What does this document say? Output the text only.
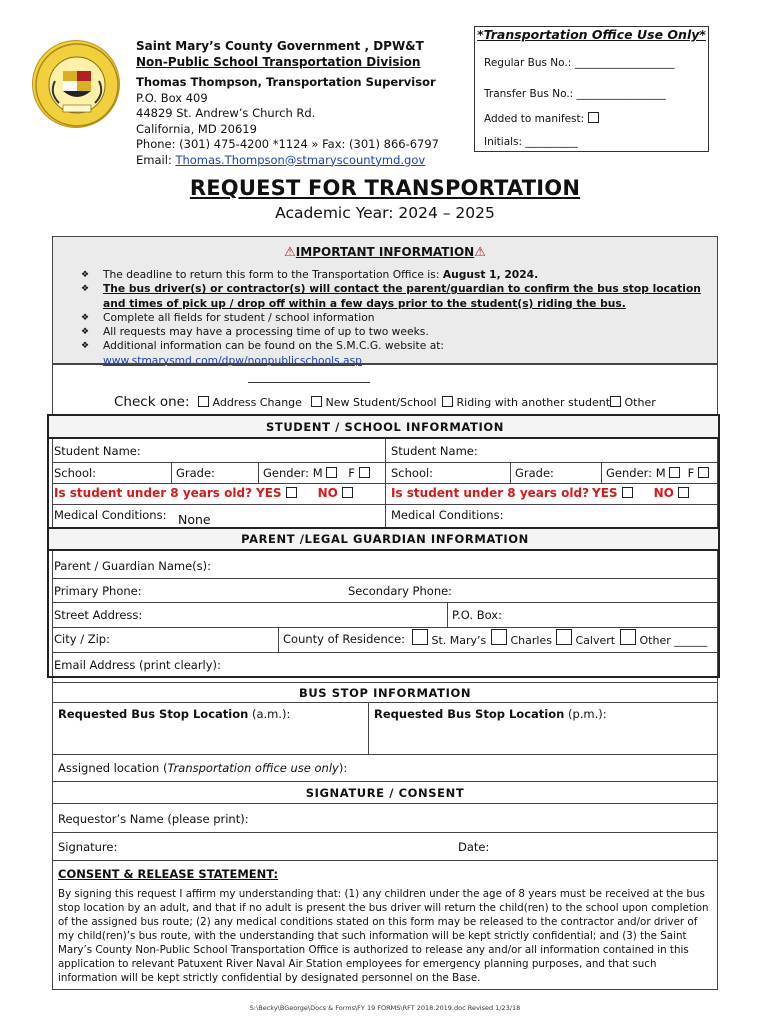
Saint Mary’s County Government , DPW&T
Non-Public School Transportation Division
Thomas Thompson, Transportation Supervisor
P.O. Box 409
44829 St. Andrew’s Church Rd.
California, MD 20619
Phone: (301) 475-4200 *1124 » Fax: (301) 866-6797
Email: Thomas.Thompson@stmaryscountymd.gov
*Transportation Office Use Only*
Regular Bus No.: ___________________
Transfer Bus No.: _________________
Added to manifest:
Initials: __________
REQUEST FOR TRANSPORTATION
Academic Year: 2024 – 2025
⚠IMPORTANT INFORMATION⚠
❖ The deadline to return this form to the Transportation Office is: August 1, 2024.
❖ The bus driver(s) or contractor(s) will contact the parent/guardian to confirm the bus stop location and times of pick up / drop off within a few days prior to the student(s) riding the bus.
❖ Complete all fields for student / school information
❖ All requests may have a processing time of up to two weeks.
❖ Additional information can be found on the S.M.C.G. website at: www.stmarysmd.com/dpw/nonpublicschools.asp
Check one:	Address Change	New Student/School	Riding with another student	Other
STUDENT / SCHOOL INFORMATION
Student Name:	Student Name:
School:	Grade:	Gender: M F	School:	Grade:	Gender: M F
Is student under 8 years old? YES	NO	Is student under 8 years old? YES	NO
Medical Conditions: None	Medical Conditions:
PARENT /LEGAL GUARDIAN INFORMATION
Parent / Guardian Name(s):
Primary Phone:	Secondary Phone:
Street Address:	P.O. Box:
City / Zip:	County of Residence:	St. Mary’s	Charles	Calvert	Other ______
Email Address (print clearly):
BUS STOP INFORMATION
Requested Bus Stop Location (a.m.):	Requested Bus Stop Location (p.m.):
Assigned location (Transportation office use only):
SIGNATURE / CONSENT
Requestor’s Name (please print):
Signature:	Date:
CONSENT & RELEASE STATEMENT:
By signing this request I affirm my understanding that: (1) any children under the age of 8 years must be received at the bus stop location by an adult, and that if no adult is present the bus driver will return the child(ren) to the school upon completion of the assigned bus route; (2) any medical conditions stated on this form may be released to the contractor and/or driver of my child(ren)’s bus route, with the understanding that such information will be kept strictly confidential; and (3) the Saint Mary’s County Non-Public School Transportation Office is authorized to release any and/or all information contained in this application to relevant Patuxent River Naval Air Station employees for emergency planning purposes, and that such information will be kept strictly confidential by designated personnel on the Base.
S:\Becky\BGeorge\Docs & Forms\FY 19 FORMS\RFT 2018.2019.doc Revised 1/23/18
